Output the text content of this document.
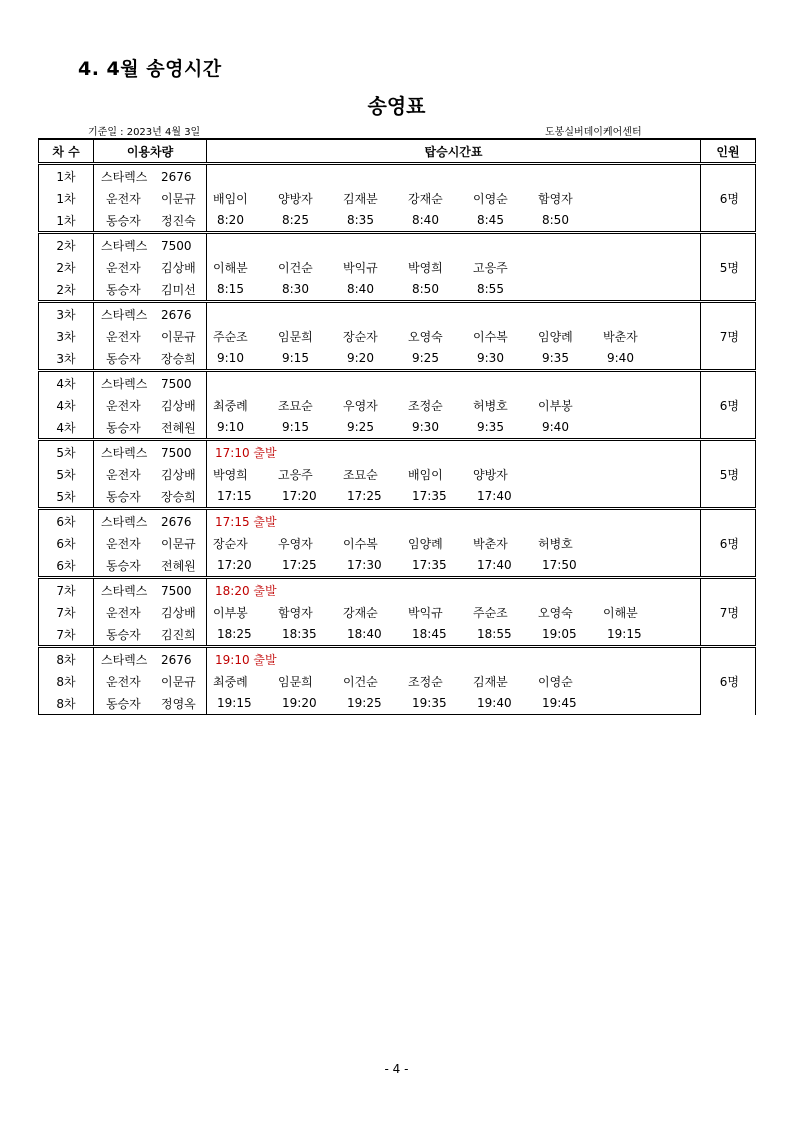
4. 4월 송영시간
송영표
기준일 : 2023년 4월 3일	도봉실버데이케어센터
차 수	이용차량	탑승시간표	인원
1차	스타렉스 2676		6명
1차	운전자 이문규	배임이 양방자 김재분 강재순 이영순 함영자	
1차	동승자 정진숙	8:20 8:25 8:35 8:40 8:45 8:50	
2차	스타렉스 7500		5명
2차	운전자 김상배	이해분 이건순 박익규 박영희 고응주	
2차	동승자 김미선	8:15 8:30 8:40 8:50 8:55	
3차	스타렉스 2676		7명
3차	운전자 이문규	주순조 임문희 장순자 오영숙 이수복 임양례 박춘자	
3차	동승자 장승희	9:10 9:15 9:20 9:25 9:30 9:35 9:40	
4차	스타렉스 7500		6명
4차	운전자 김상배	최중례 조묘순 우영자 조정순 허병호 이부봉	
4차	동승자 전혜원	9:10 9:15 9:25 9:30 9:35 9:40	
5차	스타렉스 7500	17:10 출발	5명
5차	운전자 김상배	박영희 고응주 조묘순 배임이 양방자	
5차	동승자 장승희	17:15 17:20 17:25 17:35 17:40	
6차	스타렉스 2676	17:15 출발	6명
6차	운전자 이문규	장순자 우영자 이수복 임양례 박춘자 허병호	
6차	동승자 전혜원	17:20 17:25 17:30 17:35 17:40 17:50	
7차	스타렉스 7500	18:20 출발	7명
7차	운전자 김상배	이부봉 함영자 강재순 박익규 주순조 오영숙 이해분	
7차	동승자 김진희	18:25 18:35 18:40 18:45 18:55 19:05 19:15	
8차	스타렉스 2676	19:10 출발	6명
8차	운전자 이문규	최중례 임문희 이건순 조정순 김재분 이영순	
8차	동승자 정영옥	19:15 19:20 19:25 19:35 19:40 19:45	
- 4 -
